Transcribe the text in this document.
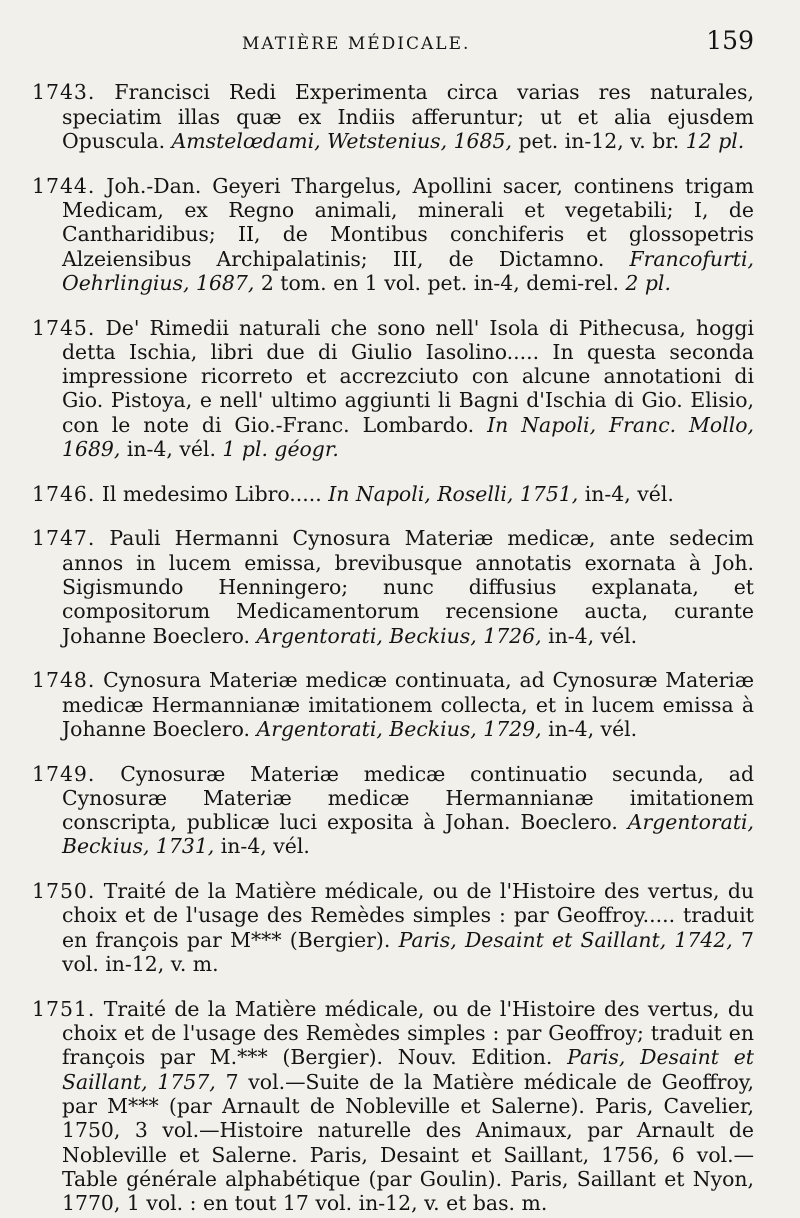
MATIÈRE MÉDICALE.	159

1743. Francisci Redi Experimenta circa varias res naturales, speciatim illas quæ ex Indiis afferuntur; ut et alia ejusdem Opuscula. Amstelœdami, Wetstenius, 1685, pet. in-12, v. br. 12 pl.

1744. Joh.-Dan. Geyeri Thargelus, Apollini sacer, continens trigam Medicam, ex Regno animali, minerali et vegetabili; I, de Cantharidibus; II, de Montibus conchiferis et glossopetris Alzeiensibus Archipalatinis; III, de Dictamno. Francofurti, Oehrlingius, 1687, 2 tom. en 1 vol. pet. in-4, demi-rel. 2 pl.

1745. De' Rimedii naturali che sono nell' Isola di Pithecusa, hoggi detta Ischia, libri due di Giulio Iasolino..... In questa seconda impressione ricorreto et accrezciuto con alcune annotationi di Gio. Pistoya, e nell' ultimo aggiunti li Bagni d'Ischia di Gio. Elisio, con le note di Gio.-Franc. Lombardo. In Napoli, Franc. Mollo, 1689, in-4, vél. 1 pl. géogr.

1746. Il medesimo Libro..... In Napoli, Roselli, 1751, in-4, vél.

1747. Pauli Hermanni Cynosura Materiæ medicæ, ante sedecim annos in lucem emissa, brevibusque annotatis exornata à Joh. Sigismundo Henningero; nunc diffusius explanata, et compositorum Medicamentorum recensione aucta, curante Johanne Boeclero. Argentorati, Beckius, 1726, in-4, vél.

1748. Cynosura Materiæ medicæ continuata, ad Cynosuræ Materiæ medicæ Hermannianæ imitationem collecta, et in lucem emissa à Johanne Boeclero. Argentorati, Beckius, 1729, in-4, vél.

1749. Cynosuræ Materiæ medicæ continuatio secunda, ad Cynosuræ Materiæ medicæ Hermannianæ imitationem conscripta, publicæ luci exposita à Johan. Boeclero. Argentorati, Beckius, 1731, in-4, vél.

1750. Traité de la Matière médicale, ou de l'Histoire des vertus, du choix et de l'usage des Remèdes simples : par Geoffroy..... traduit en françois par M*** (Bergier). Paris, Desaint et Saillant, 1742, 7 vol. in-12, v. m.

1751. Traité de la Matière médicale, ou de l'Histoire des vertus, du choix et de l'usage des Remèdes simples : par Geoffroy; traduit en françois par M.*** (Bergier). Nouv. Edition. Paris, Desaint et Saillant, 1757, 7 vol.—Suite de la Matière médicale de Geoffroy, par M*** (par Arnault de Nobleville et Salerne). Paris, Cavelier, 1750, 3 vol.—Histoire naturelle des Animaux, par Arnault de Nobleville et Salerne. Paris, Desaint et Saillant, 1756, 6 vol.—Table générale alphabétique (par Goulin). Paris, Saillant et Nyon, 1770, 1 vol. : en tout 17 vol. in-12, v. et bas. m.
